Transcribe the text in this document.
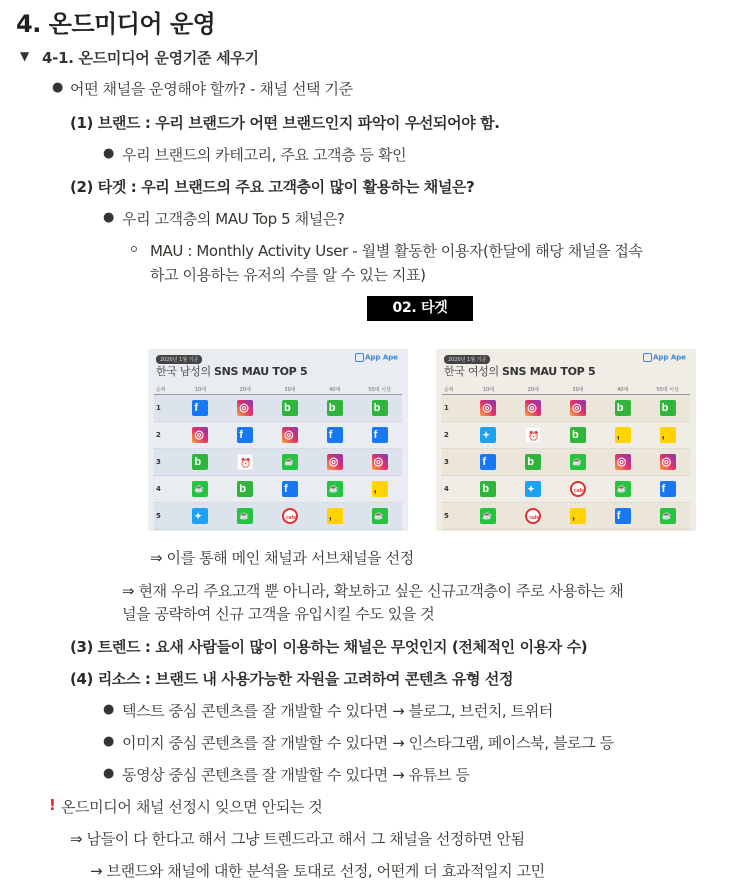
4. 온드미디어 운영
▼ 4-1. 온드미디어 운영기준 세우기
● 어떤 채널을 운영해야 할까? - 채널 선택 기준
(1) 브랜드 : 우리 브랜드가 어떤 브랜드인지 파악이 우선되어야 함.
● 우리 브랜드의 카테고리, 주요 고객층 등 확인
(2) 타겟 : 우리 브랜드의 주요 고객층이 많이 활용하는 채널은?
● 우리 고객층의 MAU Top 5 채널은?
MAU : Monthly Activity User - 월별 활동한 이용자(한달에 해당 채널을 접속
하고 이용하는 유저의 수를 알 수 있는 지표)
02. 타겟
2020년 1월 기준
한국 남성의 SNS MAU TOP 5
App Ape
순위	10대	20대	30대	40대	50대 이상
1	f	◎	b	b	b
2	◎	f	◎	f	f
3	b	⏰	☕	◎	◎
4	☕	b	f	☕	,
5	✦	☕	cafe	,	☕
2020년 1월 기준
한국 여성의 SNS MAU TOP 5
App Ape
순위	10대	20대	30대	40대	50대 이상
1	◎	◎	◎	b	b
2	✦	⏰	b	,	,
3	f	b	☕	◎	◎
4	b	✦	cafe	☕	f
5	☕	cafe	,	f	☕
⇒ 이를 통해 메인 채널과 서브채널을 선정
⇒ 현재 우리 주요고객 뿐 아니라, 확보하고 싶은 신규고객층이 주로 사용하는 채
널을 공략하여 신규 고객을 유입시킬 수도 있을 것
(3) 트렌드 : 요새 사람들이 많이 이용하는 채널은 무엇인지 (전체적인 이용자 수)
(4) 리소스 : 브랜드 내 사용가능한 자원을 고려하여 콘텐츠 유형 선정
● 텍스트 중심 콘텐츠를 잘 개발할 수 있다면 → 블로그, 브런치, 트위터
● 이미지 중심 콘텐츠를 잘 개발할 수 있다면 → 인스타그램, 페이스북, 블로그 등
● 동영상 중심 콘텐츠를 잘 개발할 수 있다면 → 유튜브 등
! 온드미디어 채널 선정시 잊으면 안되는 것
⇒ 남들이 다 한다고 해서 그냥 트렌드라고 해서 그 채널을 선정하면 안됨
→ 브랜드와 채널에 대한 분석을 토대로 선정, 어떤게 더 효과적일지 고민
